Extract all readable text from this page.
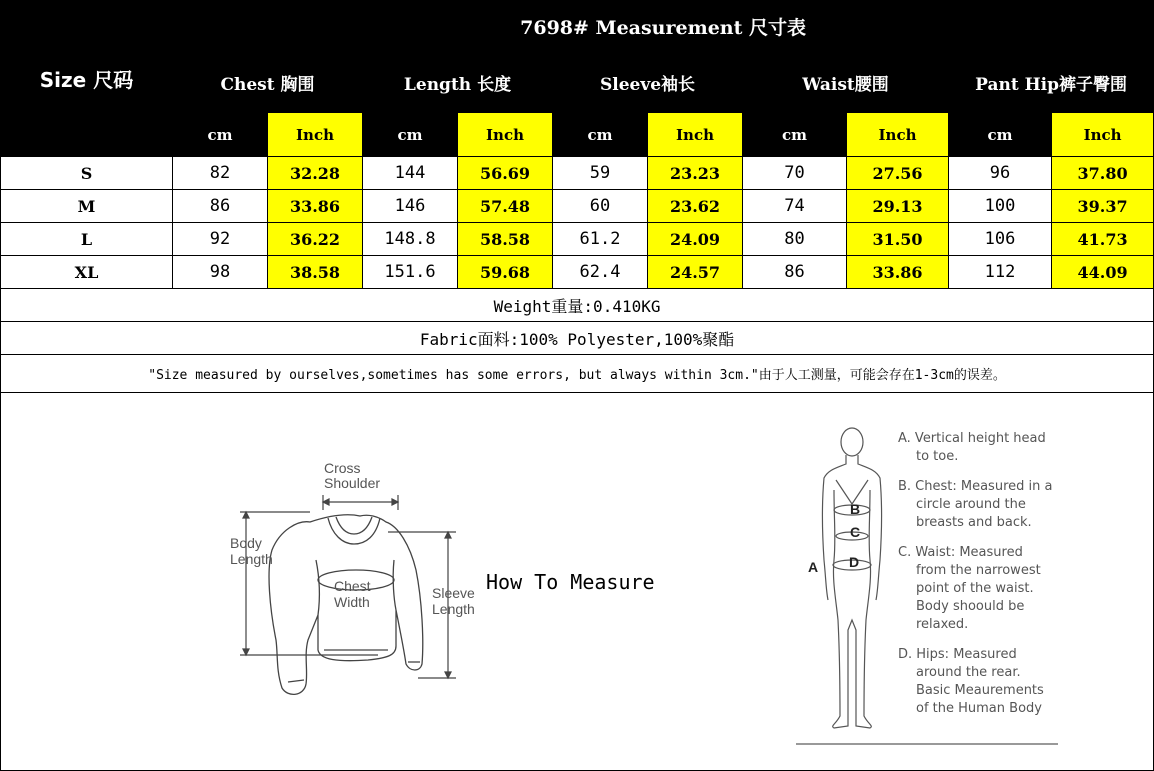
Size 尺码	7698# Measurement 尺寸表									
	Chest 胸围		Length 长度		Sleeve袖长		Waist腰围		Pant Hip裤子臀围	
	cm	Inch	cm	Inch	cm	Inch	cm	Inch	cm	Inch
S	82	32.28	144	56.69	59	23.23	70	27.56	96	37.80
M	86	33.86	146	57.48	60	23.62	74	29.13	100	39.37
L	92	36.22	148.8	58.58	61.2	24.09	80	31.50	106	41.73
XL	98	38.58	151.6	59.68	62.4	24.57	86	33.86	112	44.09
Weight重量:0.410KG										
Fabric面料:100% Polyester,100%聚酯										
"Size measured by ourselves,sometimes has some errors, but always within 3cm."由于人工测量，可能会存在1-3cm的误差。										
How To Measure
Cross
Shoulder
Body
Length
Chest
Width
Sleeve
Length
B
C
D
A
A. Vertical height head
to toe.
B. Chest: Measured in a
circle around the
breasts and back.
C. Waist: Measured
from the narrowest
point of the waist.
Body shoould be
relaxed.
D. Hips: Measured
around the rear.
Basic Meaurements
of the Human Body
